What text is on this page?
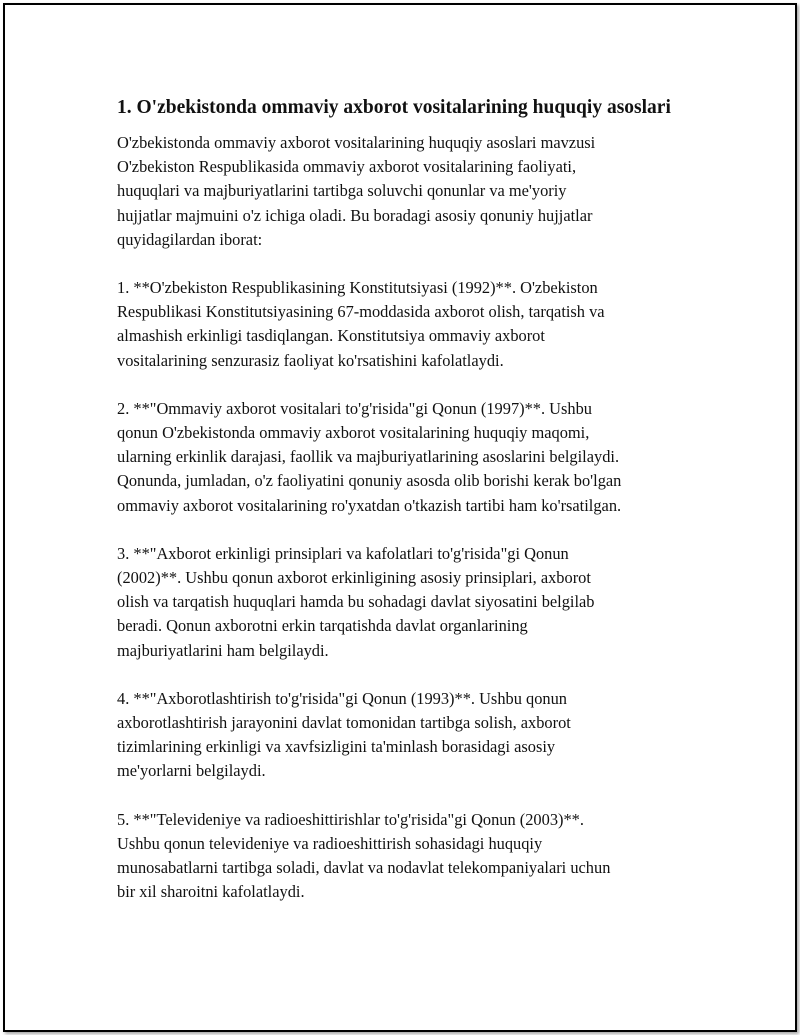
1. O'zbekistonda ommaviy axborot vositalarining huquqiy asoslari

O'zbekistonda ommaviy axborot vositalarining huquqiy asoslari mavzusi
O'zbekiston Respublikasida ommaviy axborot vositalarining faoliyati,
huquqlari va majburiyatlarini tartibga soluvchi qonunlar va me'yoriy
hujjatlar majmuini o'z ichiga oladi. Bu boradagi asosiy qonuniy hujjatlar
quyidagilardan iborat:

1. **O'zbekiston Respublikasining Konstitutsiyasi (1992)**. O'zbekiston
Respublikasi Konstitutsiyasining 67-moddasida axborot olish, tarqatish va
almashish erkinligi tasdiqlangan. Konstitutsiya ommaviy axborot
vositalarining senzurasiz faoliyat ko'rsatishini kafolatlaydi.

2. **"Ommaviy axborot vositalari to'g'risida"gi Qonun (1997)**. Ushbu
qonun O'zbekistonda ommaviy axborot vositalarining huquqiy maqomi,
ularning erkinlik darajasi, faollik va majburiyatlarining asoslarini belgilaydi.
Qonunda, jumladan, o'z faoliyatini qonuniy asosda olib borishi kerak bo'lgan
ommaviy axborot vositalarining ro'yxatdan o'tkazish tartibi ham ko'rsatilgan.

3. **"Axborot erkinligi prinsiplari va kafolatlari to'g'risida"gi Qonun
(2002)**. Ushbu qonun axborot erkinligining asosiy prinsiplari, axborot
olish va tarqatish huquqlari hamda bu sohadagi davlat siyosatini belgilab
beradi. Qonun axborotni erkin tarqatishda davlat organlarining
majburiyatlarini ham belgilaydi.

4. **"Axborotlashtirish to'g'risida"gi Qonun (1993)**. Ushbu qonun
axborotlashtirish jarayonini davlat tomonidan tartibga solish, axborot
tizimlarining erkinligi va xavfsizligini ta'minlash borasidagi asosiy
me'yorlarni belgilaydi.

5. **"Televideniye va radioeshittirishlar to'g'risida"gi Qonun (2003)**.
Ushbu qonun televideniye va radioeshittirish sohasidagi huquqiy
munosabatlarni tartibga soladi, davlat va nodavlat telekompaniyalari uchun
bir xil sharoitni kafolatlaydi.
